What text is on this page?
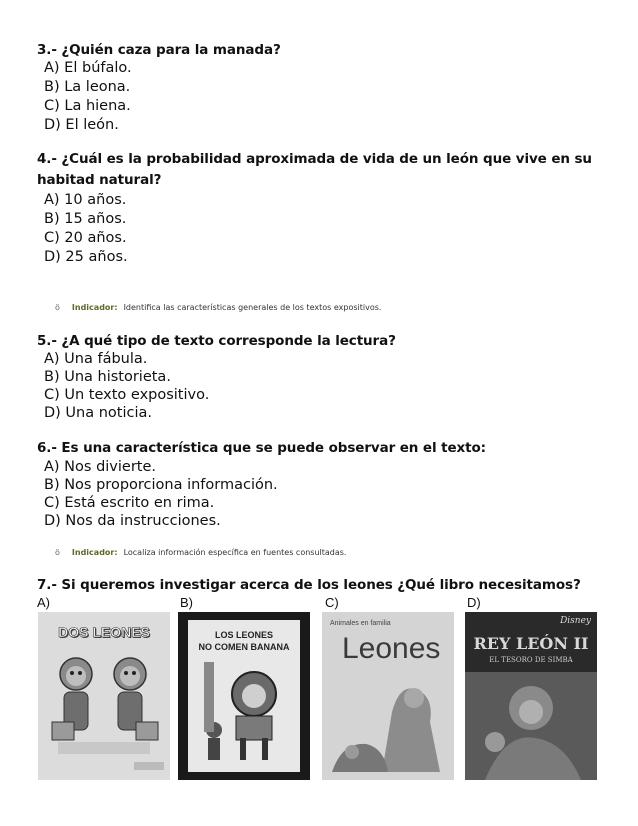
3.- ¿Quién caza para la manada?
A) El búfalo.
B) La leona.
C) La hiena.
D) El león.
4.- ¿Cuál es la probabilidad aproximada de vida de un león que vive en su
habitad natural?
A) 10 años.
B) 15 años.
C) 20 años.
D) 25 años.
ö Indicador: Identifica las características generales de los textos expositivos.
5.- ¿A qué tipo de texto corresponde la lectura?
A) Una fábula.
B) Una historieta.
C) Un texto expositivo.
D) Una noticia.
6.- Es una característica que se puede observar en el texto:
A) Nos divierte.
B) Nos proporciona información.
C) Está escrito en rima.
D) Nos da instrucciones.
ö Indicador: Localiza información específica en fuentes consultadas.
7.- Si queremos investigar acerca de los leones ¿Qué libro necesitamos?
A)	B)	C)	D)
DOS LEONES	LOS LEONES
NO COMEN BANANA
Animales en familia
Leones
Disney
REY LEÓN II
EL TESORO DE SIMBA
